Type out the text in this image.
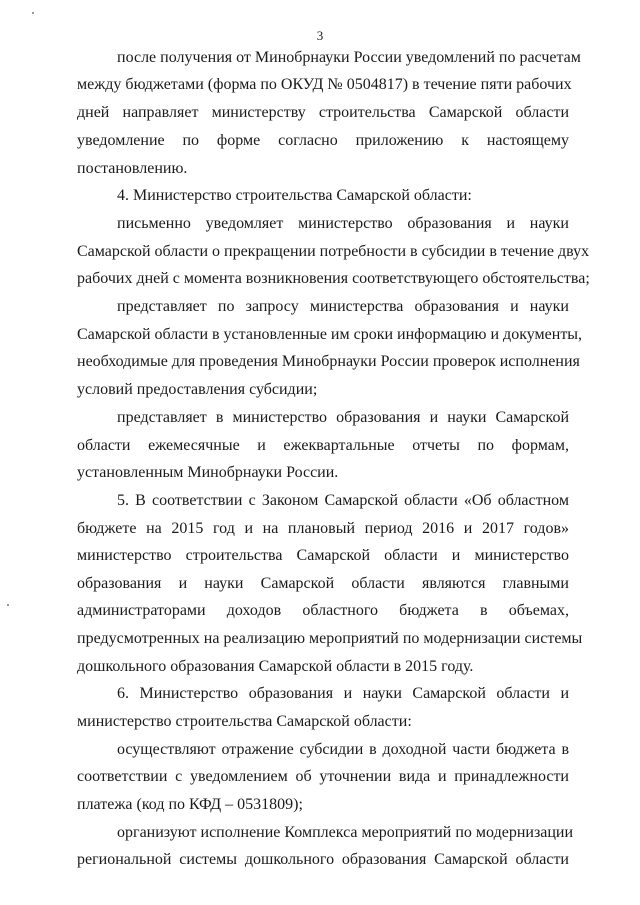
3
после получения от Минобрнауки России уведомлений по расчетам
между бюджетами (форма по ОКУД № 0504817) в течение пяти рабочих
дней направляет министерству строительства Самарской области
уведомление по форме согласно приложению к настоящему
постановлению.
4. Министерство строительства Самарской области:
письменно уведомляет министерство образования и науки
Самарской области о прекращении потребности в субсидии в течение двух
рабочих дней с момента возникновения соответствующего обстоятельства;
представляет по запросу министерства образования и науки
Самарской области в установленные им сроки информацию и документы,
необходимые для проведения Минобрнауки России проверок исполнения
условий предоставления субсидии;
представляет в министерство образования и науки Самарской
области ежемесячные и ежеквартальные отчеты по формам,
установленным Минобрнауки России.
5. В соответствии с Законом Самарской области «Об областном
бюджете на 2015 год и на плановый период 2016 и 2017 годов»
министерство строительства Самарской области и министерство
образования и науки Самарской области являются главными
администраторами доходов областного бюджета в объемах,
предусмотренных на реализацию мероприятий по модернизации системы
дошкольного образования Самарской области в 2015 году.
6. Министерство образования и науки Самарской области и
министерство строительства Самарской области:
осуществляют отражение субсидии в доходной части бюджета в
соответствии с уведомлением об уточнении вида и принадлежности
платежа (код по КФД – 0531809);
организуют исполнение Комплекса мероприятий по модернизации
региональной системы дошкольного образования Самарской области
